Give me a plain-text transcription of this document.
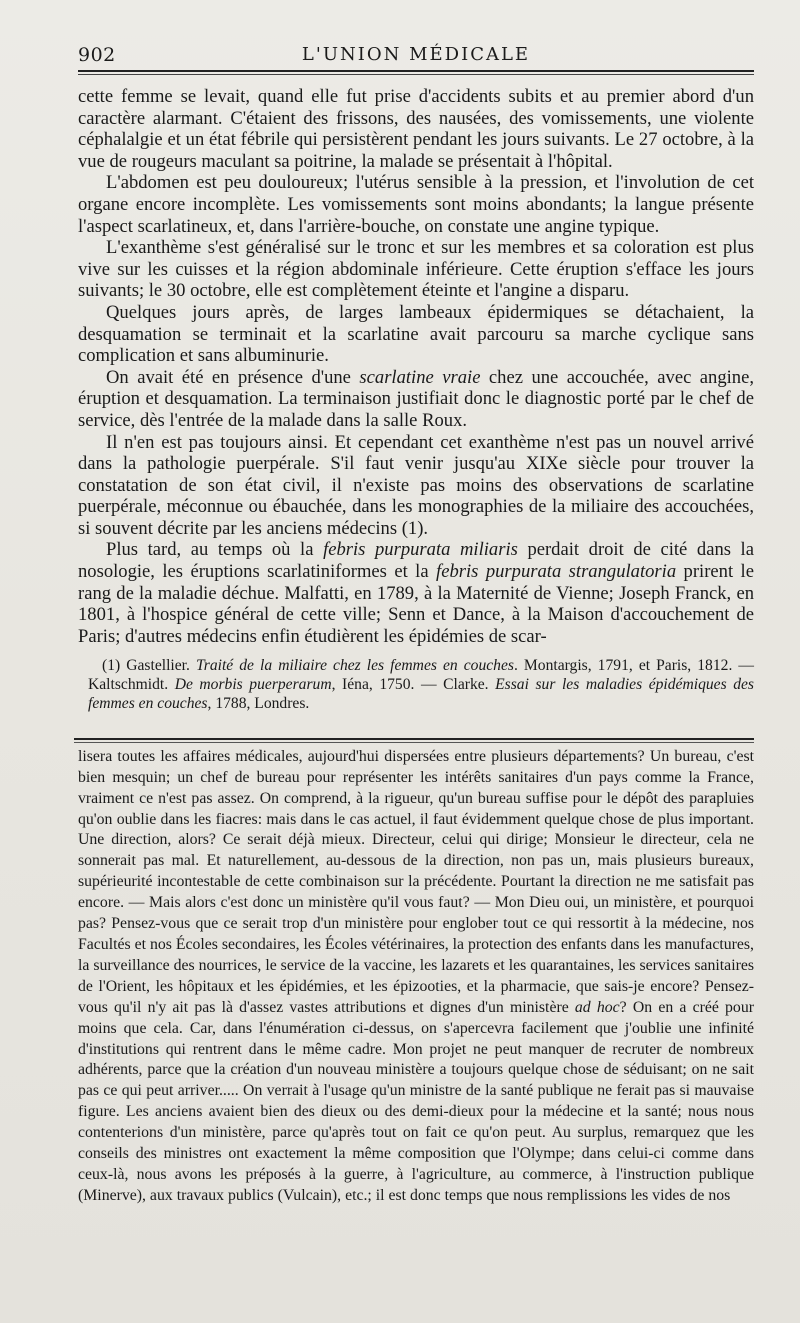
902	L'UNION MÉDICALE

cette femme se levait, quand elle fut prise d'accidents subits et au premier abord d'un caractère alarmant. C'étaient des frissons, des nausées, des vomissements, une violente céphalalgie et un état fébrile qui persistèrent pendant les jours suivants. Le 27 octobre, à la vue de rougeurs maculant sa poitrine, la malade se présentait à l'hôpital.

L'abdomen est peu douloureux; l'utérus sensible à la pression, et l'involution de cet organe encore incomplète. Les vomissements sont moins abondants; la langue présente l'aspect scarlatineux, et, dans l'arrière-bouche, on constate une angine typique.

L'exanthème s'est généralisé sur le tronc et sur les membres et sa coloration est plus vive sur les cuisses et la région abdominale inférieure. Cette éruption s'efface les jours suivants; le 30 octobre, elle est complètement éteinte et l'angine a disparu.

Quelques jours après, de larges lambeaux épidermiques se détachaient, la desquamation se terminait et la scarlatine avait parcouru sa marche cyclique sans complication et sans albuminurie.

On avait été en présence d'une scarlatine vraie chez une accouchée, avec angine, éruption et desquamation. La terminaison justifiait donc le diagnostic porté par le chef de service, dès l'entrée de la malade dans la salle Roux.

Il n'en est pas toujours ainsi. Et cependant cet exanthème n'est pas un nouvel arrivé dans la pathologie puerpérale. S'il faut venir jusqu'au XIXe siècle pour trouver la constatation de son état civil, il n'existe pas moins des observations de scarlatine puerpérale, méconnue ou ébauchée, dans les monographies de la miliaire des accouchées, si souvent décrite par les anciens médecins (1).

Plus tard, au temps où la febris purpurata miliaris perdait droit de cité dans la nosologie, les éruptions scarlatiniformes et la febris purpurata strangulatoria prirent le rang de la maladie déchue. Malfatti, en 1789, à la Maternité de Vienne; Joseph Franck, en 1801, à l'hospice général de cette ville; Senn et Dance, à la Maison d'accouchement de Paris; d'autres médecins enfin étudièrent les épidémies de scar-

(1) Gastellier. Traité de la miliaire chez les femmes en couches. Montargis, 1791, et Paris, 1812. — Kaltschmidt. De morbis puerperarum, Iéna, 1750. — Clarke. Essai sur les maladies épidémiques des femmes en couches, 1788, Londres.
lisera toutes les affaires médicales, aujourd'hui dispersées entre plusieurs départements? Un bureau, c'est bien mesquin; un chef de bureau pour représenter les intérêts sanitaires d'un pays comme la France, vraiment ce n'est pas assez. On comprend, à la rigueur, qu'un bureau suffise pour le dépôt des parapluies qu'on oublie dans les fiacres: mais dans le cas actuel, il faut évidemment quelque chose de plus important. Une direction, alors? Ce serait déjà mieux. Directeur, celui qui dirige; Monsieur le directeur, cela ne sonnerait pas mal. Et naturellement, au-dessous de la direction, non pas un, mais plusieurs bureaux, supérieurité incontestable de cette combinaison sur la précédente. Pourtant la direction ne me satisfait pas encore. — Mais alors c'est donc un ministère qu'il vous faut? — Mon Dieu oui, un ministère, et pourquoi pas? Pensez-vous que ce serait trop d'un ministère pour englober tout ce qui ressortit à la médecine, nos Facultés et nos Écoles secondaires, les Écoles vétérinaires, la protection des enfants dans les manufactures, la surveillance des nourrices, le service de la vaccine, les lazarets et les quarantaines, les services sanitaires de l'Orient, les hôpitaux et les épidémies, et les épizooties, et la pharmacie, que sais-je encore? Pensez-vous qu'il n'y ait pas là d'assez vastes attributions et dignes d'un ministère ad hoc? On en a créé pour moins que cela. Car, dans l'énumération ci-dessus, on s'apercevra facilement que j'oublie une infinité d'institutions qui rentrent dans le même cadre. Mon projet ne peut manquer de recruter de nombreux adhérents, parce que la création d'un nouveau ministère a toujours quelque chose de séduisant; on ne sait pas ce qui peut arriver..... On verrait à l'usage qu'un ministre de la santé publique ne ferait pas si mauvaise figure. Les anciens avaient bien des dieux ou des demi-dieux pour la médecine et la santé; nous nous contenterions d'un ministère, parce qu'après tout on fait ce qu'on peut. Au surplus, remarquez que les conseils des ministres ont exactement la même composition que l'Olympe; dans celui-ci comme dans ceux-là, nous avons les préposés à la guerre, à l'agriculture, au commerce, à l'instruction publique (Minerve), aux travaux publics (Vulcain), etc.; il est donc temps que nous remplissions les vides de nos
